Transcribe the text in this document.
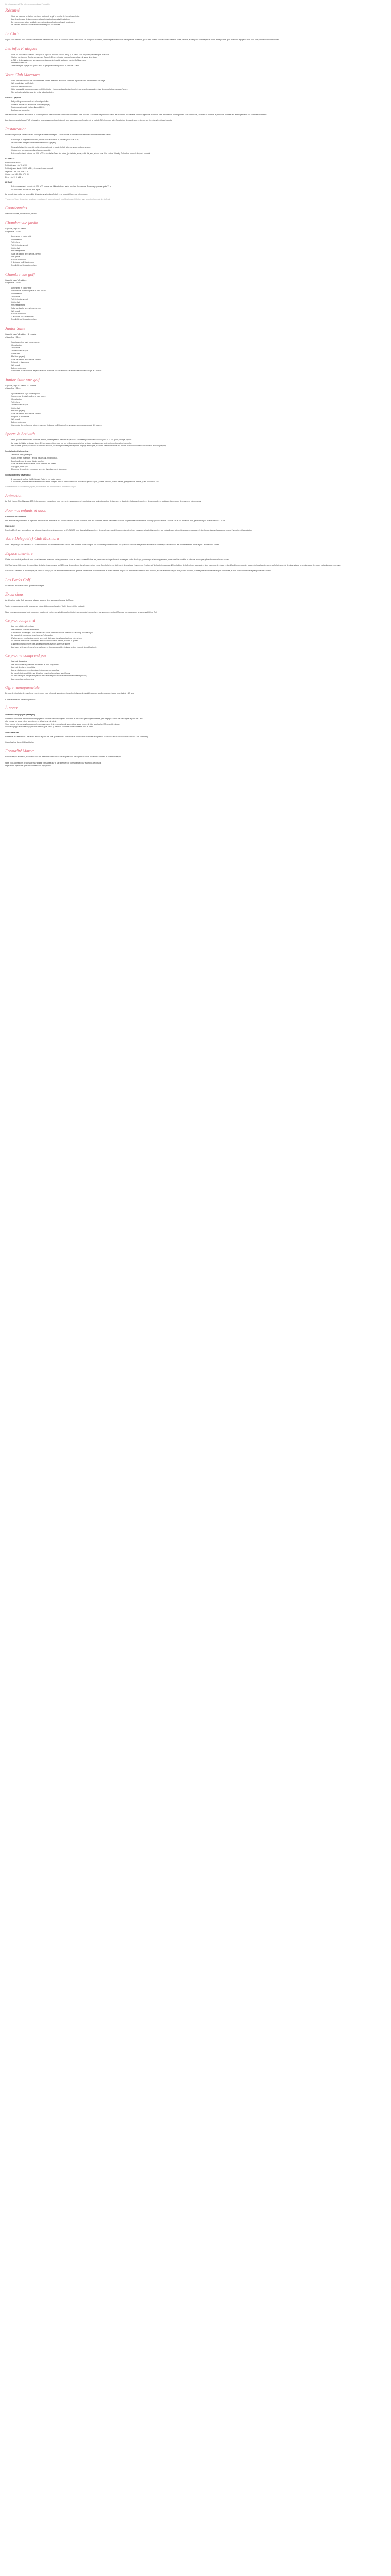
Ce prix comprend / Ce prix ne comprend pas Formalités

Résumé
• Situé au cœur de la station balnéaire, jouissant le golf et proche de la marina animée.
• Les chambres au design moderne et aux infrastructures adaptées à tous.
• De nombreuses suites familiales avec séparations fonctionnelles et spacieuses.
• Le concept d'activité Club Marmara animée pour vos familles
Le Club

Séjour sous le soleil pour un hôtel de la station balnéaire de Saidia et son doux climat. Votre club, sur l'élégance moderne, offre hospitalité et confort de la piscine de saison, pour vous faciliter ce que l'on souhaite de votre pièce de jeunes pour votre séjour de bord, entre piscine, golf ou encore équipées d'un bord privé, un repos méditerranéen.

Les infos Pratiques
• Situé au Nord-Est du Maroc, l'aéroport d'Oujda se trouve à env. 55 km (1h) et à env. 125 km (1h45) de l'aéroport de Nador.
• Station balnéaire de Saidia, surnommée "la perle Bleue", réputée pour sa longue plage de sable fin et doux.
• À 750 m de la marina, des zones commerciales animées et à quelques pas du Golf Les Lacs.
• Normes locales : 4*
• Taxe de séjour à payer sur place : env. 4€ par personne et par nuit à partir de 12 ans.
Votre Club Marmara
• Votre club se compose de 150 chambres, toutes réservées aux Club Marmara, réparties dans 3 bâtiments d'un étage.
• Wifi gratuit dans tout l'hôtel.
• Services de blanchisserie.
• Hôtel accessible aux personnes à mobilité réduite : équipements adaptés et équipée de chambres adaptées (sur demande) et de rampes d'accès.
• Nos animations tarifés pour les petits, ado et adultes.

Services - payant*

• Baby-sitting sur demande et selon disponibilité.
• Location de voitures auprès de notre délégué(e).
• Parking privé gratuit (selon disponibilités).
• Boutique de souvenirs.

Les remarques relatives au confort et à l'hébergement des chambres sont toutes données à titre indicatif. Le nombre de personnes dans les chambres est variable selon les types de chambres. Les mesures de l'hébergement sont comprises, L'hôtelier se réserve la possibilité de faire des aménagements sur certaines chambres.

Les chambres spécifiques PMR nécessitent un aménagement particulier et sont soumises à confirmation de la part de TUI et devront faire l'objet d'une demande auprès de vos services dans les délais impartis.

Restauration

Restaurant principal climatisé avec une large terrasse ombragée. Cuisine locale et internationale servie sous forme de buffets variés.

• Bar lounge et dégustation de thés, snack : bar au bord de la piscine (de 10 h à 16 h).
• Un restaurant de spécialités méditerranéennes (payant).
• Repas buffet varié à volonté : cuisine internationale et locale, buffet à thème, show cooking, snack...
• Goûter avec une gourmandise chaude à volonté.
• Boissons locales à volonté de 10 h à 23 h : bouteille d'eau, vin, bière, jus de fruits, soda, café, thé, eau, alcool local. Gin, Vodka, Whisky, Z alcool de cocktail du jour à volonté.

LA TABLE*

Formule tout inclus
Petit déjeuner : de 7h à 10h
Petit déjeuner tardif : 10h30 à 11h, viennoiseries au cocktail.
Déjeuner : de 12 h 30 à 14 h
Goûter : de 16 h 00 à 17 h 30
Dîner : de 19 h à 22 h

LE BAR*

• Boissons servies à volonté de 10 h à 23 h dans les différents bars, selon horaires d'ouverture. Boissons payantes après 23 h.
• Au restaurant aux heures des repas.

La formule tout inclus est accessible dès votre arrivée dans l'hôtel, et ce jusqu'à l'heure de votre départ.

*Horaires et jours d'ouverture des bars et restaurants susceptibles de modification par l'hôtelier sans préavis, donnés à titre indicatif.

Coordonnées

Station Balnéaire, Saïdia 60260, Maroc

Chambre vue jardin

Capacité jusqu'à 3 adultes.
• Superficie : 32 m²

• Lumineuse et confortable
• Climatisation
• Téléphone
• Télévision écran plat
• Coffre-fort
• Mini-réfrigérateur
• Salle de douche avec sèche-cheveux
• Wifi gratuit
• Balcon ou terrasse
• 1 lit double ou 2 lits simples
• Possibilité de lit supplémentaire
Chambre vue golf

Capacité jusqu'à 3 adultes.
• Superficie : 39 m²

• Lumineuse et confortable
• Sur une vue depuis le golf et le parc naturel
• Climatisation
• Téléphone
• Télévision écran plat
• Coffre-fort
• Mini-réfrigérateur
• Salle de douche avec sèche-cheveux
• Wifi gratuit
• Balcon ou terrasse
• 1 lit double ou 2 lits simples
• Possibilité de lit supplémentaire
Junior Suite

Capacité jusqu'à 2 adultes + 2 enfants.
• Superficie : 52 m²

• Spacieuse et de style contemporain
• Climatisation
• Téléphone
• Télévision écran plat
• Coffre-fort
• Mini-bar (payant)
• Salle de douche avec sèche-cheveux
• Peignoir et chaussons
• Wifi gratuit
• Balcon ou terrasse
• Composée d'une chambre séparée avec un lit double ou 2 lits simples, un espace salon avec canapé lit 2 places.
Junior Suite vue golf

Capacité jusqu'à 2 adultes + 2 enfants.
• Superficie : 52 m²

• Spacieuse et de style contemporain
• Sur une vue depuis le golf et le parc naturel
• Climatisation
• Téléphone
• Télévision écran plat
• Coffre-fort
• Mini-bar (payant)
• Salle de douche avec sèche-cheveux
• Peignoir et chaussons
• Wifi gratuit
• Balcon ou terrasse
• Composée d'une chambre séparée avec un lit double ou 2 lits simples, un espace salon avec canapé lit 2 places.
Sports & Activités
• Deux piscines extérieures, dont une animée, aménagées de transats et parasols. Serviettes piscine avec caution (env. 10 €) sur place, change payant.
• La plage de Saidia se trouve à env. 1,5 km, accessible à pied par un petit passage privé de la plage, publique mais aménagée de transats et parasols.
• Une navette gratuite, toutes les 30 minutes environ, vous est proposée pour rejoindre la plage aménagée, le centre ville et la marina aux heures de fonctionnement. Réservation à l'hôtel (payant).

Sports / activités inclus(es) :

• Tennis de table, pétanque.
• Padel, terrain multisport : tennis, basket-ball, mini football.
• Beach volley sur la plage dédiée au club.
• Salle de fitness et accès libre, cours collectifs de fitness.
• Aquagym, water-polo.
• Et encore des activités en rapport avec les divertissements Marmara.

Sports / activités* payant(e)s :

• 2 parcours de golf de 9 et 18 trous à l'hôtel et en pleine nature.
• À proximité*, nombreuses activités* nautiques et ludiques dans la station balnéaire de Saïdia : jet ski, kayak, paddle, flyboard, bouée tractée, plongée sous-marine, quad, équitation, VTT.

* Indépendants du club et non payant, sous réserve de disponibilité au moment du séjour.

Animation

La Club équipe Club Marmara, 100 % francophone, vous attend pour vos rendre vos vacances inoubliables : une animation autour de journées et d'activités ludiques et sportives, des spectacles et soirées à thème pour des moments mémorables.

Pour vos enfants & ados

L'ATELIER DES SURFS*

Nos animateurs passionnés et diplômés attendent vos enfants de 3 à 12 ans dans un espace commun pour des journées pleines d'activités : l'un des programmes est l'atelier de la compagnie qui est de 10h30 à 18h et du de l'après-midi, pendant le jour de Marmara du 17h-18.

M'LOUNGE

Pour les 13-17 ans : une salle ou se retrouvent avec leur animateur dans le M'LOUNGE pour des activités sportives, des challenges ou défis connectés entre leurs vacances, et activités sportives ou culturelles en soirée (des vacances scolaires). La club se réserve la pause au moins 2 semaines à l'annulation.

Votre Délégué(e) Club Marmara

Votre Délégué(e) Club Marmara, 100% francophone, vous est entièrement dédié. Il est présent tout au long de vos vacances pour répondre à vos questions et vous faire profiter au mieux de votre séjour et découvrir les incontournables de la région : excursions, sorties...

Espace bien-être

L'hôtel vous invite à profiter de son spa et hammam avec une vaste gamme de soins, le sauna accessible tous les jours avec un large choix de massages, soins du visage, gommages et enveloppements, mais aussi de produits et soins de massages grâce et réservation sur place.

Golf Des Lacs : hôtel avec des conditions de tarifs et parcours de golf 18 trous, de conditions dans le cadre d'une zone d'une belle forme d'éléments de pratique : les greens, c'est un golf de haut niveau avec différents lieux de la fin et des accessoires à un parcours de niveau et de difficulté pour vous les joueurs de tous les niveaux, à golf-club organisé des tournois de la session avec des cours particuliers ou en groupe.

Golf Three : Moderne et dynamique ; ce parcours conçu par son énorme de et avec une gamme intéressante de compétitions et divers terrains de jeu. Les débutants trouveront leur bonheur, et une académie de golf à la journée ou demi-journée pour les amateurs les plus confirmés, et d'un professionnel de la pratique de haut niveau.

Les Packs Golf

Ce séjour a réservé un forfait golf avant le départ.

Excursions

Au départ de votre Club Marmara, plongez au cœur des grandes richesses du Maroc.

Toutes ces excursions sont à réserver sur place. Liste non exhaustive. Tarifs donnés à titre indicatif.

Nous vous suggérons que toute excursion, location de voiture ou activité qu'elle effectuée par un autre intermédiaire que votre représentant Marmara n'engagera pas la responsabilité de TUI.

Ce prix comprend
• Les vols affrétés aller-retour.
• Les transferts collectifs aller-retour.
• L'assistance du délégué Club Marmara sur vous conseiller et vous orienter tout au long de votre séjour.
• Le cocktail de bienvenue, les réunions d'information.
• L'hébergement en chambre double avec petit déjeuner, dans la catégorie de votre choix.
• La formule "tout inclus" : les repas, les boissons locales à volonté, snacks et goûter.
• L'animation francophone : les activités et sports avec les soirées à thème.
• Les taxes aériennes, le surcharge carburant et transporteur et les frais de gestion (soumis à modifications).
Ce prix ne comprend pas
• Les frais de service.
• Les assurances et garanties facultatives et non obligatoires.
• Les frais de visa et formalités.
• Les prestations non mentionnées et dépenses personnelles.
• Le transfert aéroport-hôtel sur départ de vols réguliers et vols spécifiques.
• La taxe de séjour à régler sur place à votre arrivée (sous réserve de modification sans préavis).
• Les excursions optionnelles.
Offre monoparentale

En plus de bénéficier de nos offres enfants, nous vous offrons le supplément chambre individuelle. (Valable pour un adulte voyageant avec un enfant de - 12 ans)

*Dans la limite des places disponibles.

À noter

• Franchise bagage (par passager)

Vérifier les conditions de la franchise bagages en fonction des compagnies aériennes et des vols : petit réglementaires, petit bagages, forfait par passagers à partir de 2 ans.
• Le voyage en soute est en supplément et à la charge du client.
Vous pouvez réserver vos bagages ou le surclassement de la réservation de votre séjour, vous pourrez le faire au plus tard 72h avant le départ.
Si vous voyagez avec des bagages hors format (golf, vélo...), merci de contacter notre conseiller pour le choix.

• Offre sans cafi

Possibilité de réserver un Club avec les vols à partir de 69 € (par rapport à la formule de réservation mixte dès le départ du 01/06/2024 au 30/06/2024 hors vols du Club Marmara)

Consultez les disponibilités et tarifs.

Formalité Maroc

Pour les séjour au Maroc, il convient pour les ressortissants français de disposer d'un passeport en cours de validité couvrant la totalité du séjour.

Nous vous conseillons de consulter la rubrique formalités (sur le site internet) de votre agence pour avoir plus de détails.
https://www.diplomatie.gouv.fr/fr/conseils-aux-voyageurs/
